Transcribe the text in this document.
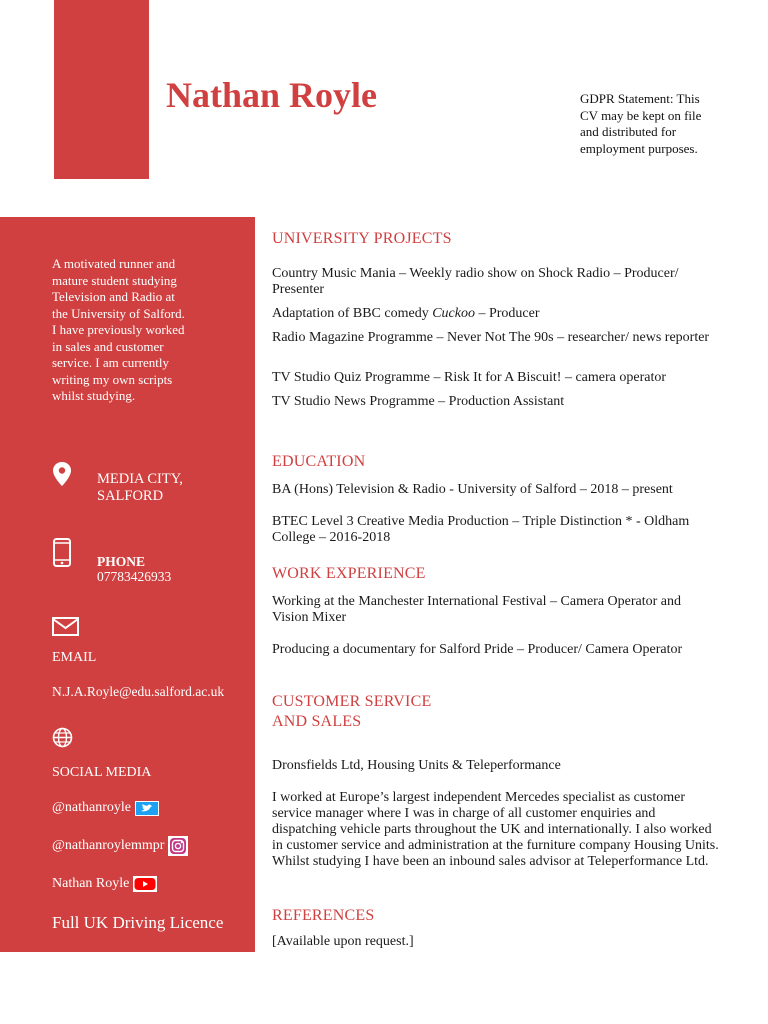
Nathan Royle	GDPR Statement: This CV may be kept on file and distributed for employment purposes.
A motivated runner and mature student studying Television and Radio at the University of Salford. I have previously worked in sales and customer service. I am currently writing my own scripts whilst studying.
MEDIA CITY,
SALFORD
PHONE
07783426933
EMAIL
N.J.A.Royle@edu.salford.ac.uk
SOCIAL MEDIA
@nathanroyle
@nathanroylemmpr
Nathan Royle
Full UK Driving Licence
UNIVERSITY PROJECTS
Country Music Mania – Weekly radio show on Shock Radio – Producer/ Presenter
Adaptation of BBC comedy Cuckoo – Producer
Radio Magazine Programme – Never Not The 90s – researcher/ news reporter
TV Studio Quiz Programme – Risk It for A Biscuit! – camera operator
TV Studio News Programme – Production Assistant
EDUCATION
BA (Hons) Television & Radio - University of Salford – 2018 – present
BTEC Level 3 Creative Media Production – Triple Distinction * - Oldham College – 2016-2018
WORK EXPERIENCE
Working at the Manchester International Festival – Camera Operator and Vision Mixer
Producing a documentary for Salford Pride – Producer/ Camera Operator
CUSTOMER SERVICE
AND SALES
Dronsfields Ltd, Housing Units & Teleperformance
I worked at Europe’s largest independent Mercedes specialist as customer service manager where I was in charge of all customer enquiries and dispatching vehicle parts throughout the UK and internationally. I also worked in customer service and administration at the furniture company Housing Units. Whilst studying I have been an inbound sales advisor at Teleperformance Ltd.
REFERENCES
[Available upon request.]
